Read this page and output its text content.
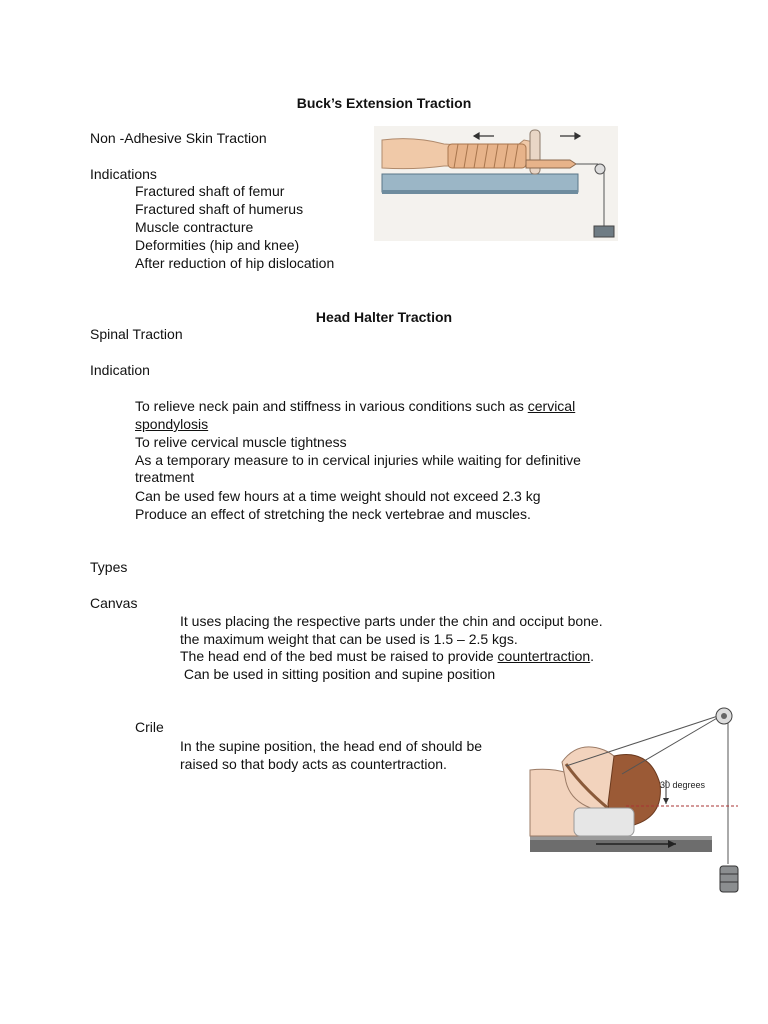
Buck’s Extension Traction
Non -Adhesive Skin Traction
Indications
Fractured shaft of femur
Fractured shaft of humerus
Muscle contracture
Deformities (hip and knee)
After reduction of hip dislocation
Head Halter Traction
Spinal Traction
Indication
To relieve neck pain and stiffness in various conditions such as cervical
spondylosis
To relive cervical muscle tightness
As a temporary measure to in cervical injuries while waiting for definitive
treatment
Can be used few hours at a time weight should not exceed 2.3 kg
Produce an effect of stretching the neck vertebrae and muscles.
Types
Canvas
It uses placing the respective parts under the chin and occiput bone.
the maximum weight that can be used is 1.5 – 2.5 kgs.
The head end of the bed must be raised to provide countertraction.
Can be used in sitting position and supine position
Crile
In the supine position, the head end of should be
raised so that body acts as countertraction.
30 degrees
